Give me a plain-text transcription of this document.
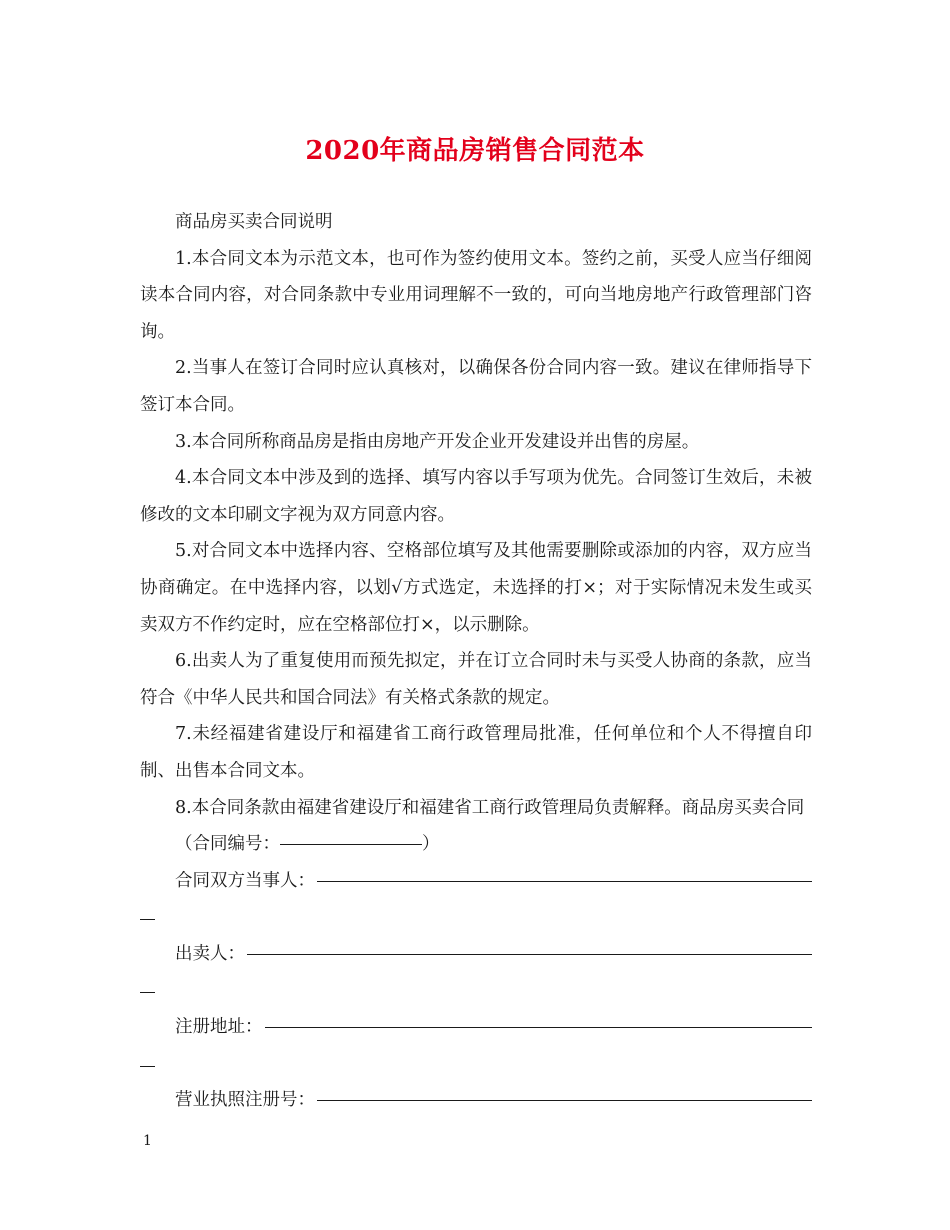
2020年商品房销售合同范本

商品房买卖合同说明

1.本合同文本为示范文本，也可作为签约使用文本。签约之前，买受人应当仔细阅读本合同内容，对合同条款中专业用词理解不一致的，可向当地房地产行政管理部门咨询。

2.当事人在签订合同时应认真核对，以确保各份合同内容一致。建议在律师指导下签订本合同。

3.本合同所称商品房是指由房地产开发企业开发建设并出售的房屋。

4.本合同文本中涉及到的选择、填写内容以手写项为优先。合同签订生效后，未被修改的文本印刷文字视为双方同意内容。

5.对合同文本中选择内容、空格部位填写及其他需要删除或添加的内容，双方应当协商确定。在中选择内容，以划√方式选定，未选择的打×；对于实际情况未发生或买卖双方不作约定时，应在空格部位打×，以示删除。

6.出卖人为了重复使用而预先拟定，并在订立合同时未与买受人协商的条款，应当符合《中华人民共和国合同法》有关格式条款的规定。

7.未经福建省建设厅和福建省工商行政管理局批准，任何单位和个人不得擅自印制、出售本合同文本。

8.本合同条款由福建省建设厅和福建省工商行政管理局负责解释。商品房买卖合同

（合同编号：	）
合同双方当事人：
出卖人：
注册地址：
营业执照注册号：
1
